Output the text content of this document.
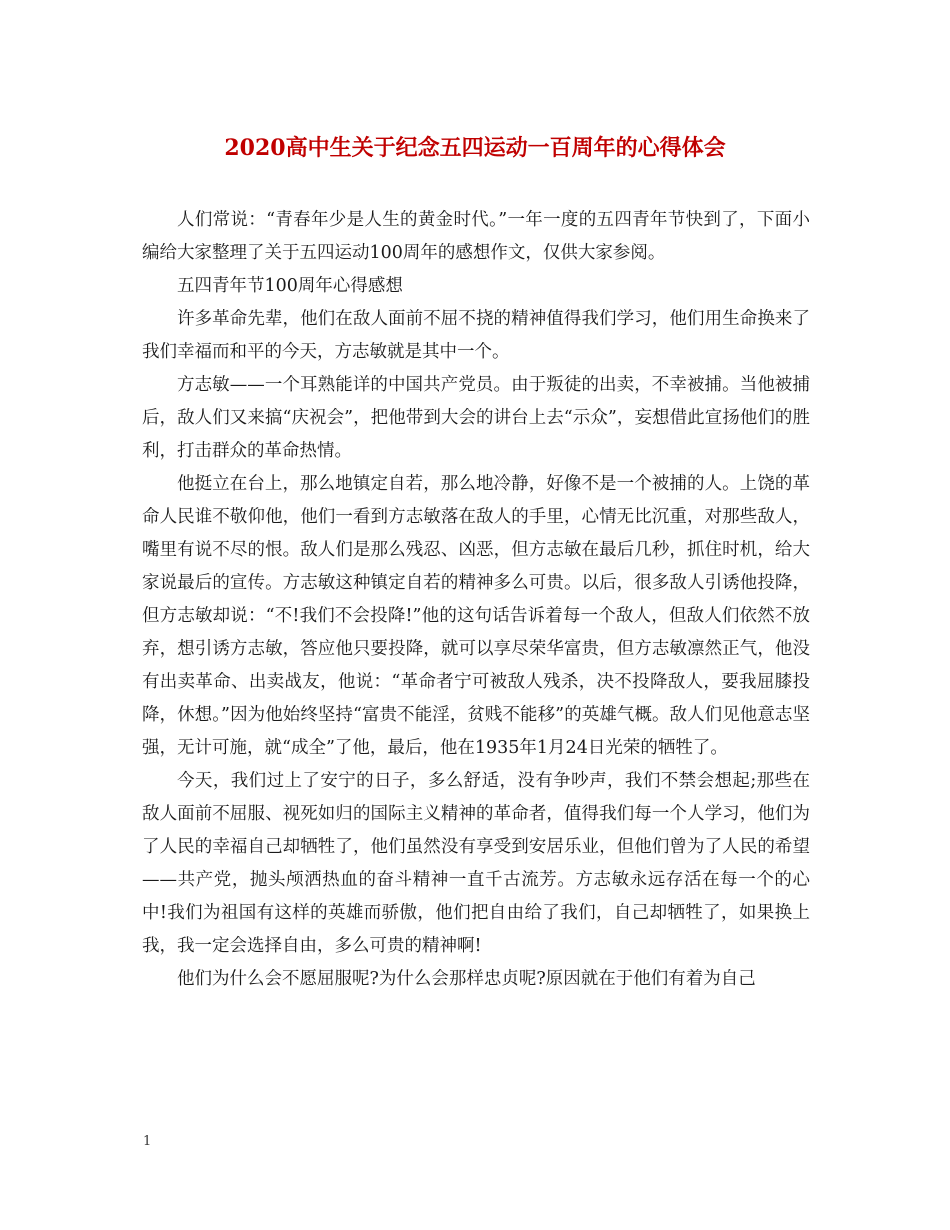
2020高中生关于纪念五四运动一百周年的心得体会

人们常说：“青春年少是人生的黄金时代。”一年一度的五四青年节快到了，下面小编给大家整理了关于五四运动100周年的感想作文，仅供大家参阅。

五四青年节100周年心得感想

许多革命先辈，他们在敌人面前不屈不挠的精神值得我们学习，他们用生命换来了我们幸福而和平的今天，方志敏就是其中一个。

方志敏——一个耳熟能详的中国共产党员。由于叛徒的出卖，不幸被捕。当他被捕后，敌人们又来搞“庆祝会”，把他带到大会的讲台上去“示众”，妄想借此宣扬他们的胜利，打击群众的革命热情。

他挺立在台上，那么地镇定自若，那么地冷静，好像不是一个被捕的人。上饶的革命人民谁不敬仰他，他们一看到方志敏落在敌人的手里，心情无比沉重，对那些敌人，嘴里有说不尽的恨。敌人们是那么残忍、凶恶，但方志敏在最后几秒，抓住时机，给大家说最后的宣传。方志敏这种镇定自若的精神多么可贵。以后，很多敌人引诱他投降，但方志敏却说：“不!我们不会投降!”他的这句话告诉着每一个敌人，但敌人们依然不放弃，想引诱方志敏，答应他只要投降，就可以享尽荣华富贵，但方志敏凛然正气，他没有出卖革命、出卖战友，他说：“革命者宁可被敌人残杀，决不投降敌人，要我屈膝投降，休想。”因为他始终坚持“富贵不能淫，贫贱不能移”的英雄气概。敌人们见他意志坚强，无计可施，就“成全”了他，最后，他在1935年1月24日光荣的牺牲了。

今天，我们过上了安宁的日子，多么舒适，没有争吵声，我们不禁会想起;那些在敌人面前不屈服、视死如归的国际主义精神的革命者，值得我们每一个人学习，他们为了人民的幸福自己却牺牲了，他们虽然没有享受到安居乐业，但他们曾为了人民的希望——共产党，抛头颅洒热血的奋斗精神一直千古流芳。方志敏永远存活在每一个的心中!我们为祖国有这样的英雄而骄傲，他们把自由给了我们，自己却牺牲了，如果换上我，我一定会选择自由，多么可贵的精神啊!

他们为什么会不愿屈服呢?为什么会那样忠贞呢?原因就在于他们有着为自己

1
